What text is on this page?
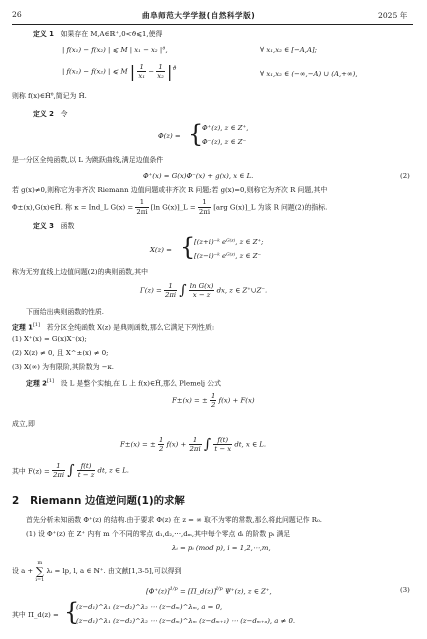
26	曲阜师范大学学报(自然科学版)	2025 年
定义 1 如果存在 M,A∈ℝ⁺,0<ϑ⩽1,使得
| f(x₁) − f(x₂) | ⩽ M | x₁ − x₂ |ᶿ,	∀ x₁,x₂ ∈ [−A,A];
| f(x₁) − f(x₂) | ⩽ M | $\frac{1}{\text{x₁}} - \frac{1}{\text{x₂}} |^ϑ$
∀ x₁,x₂ ∈ (−∞,−A) ∪ (A,+∞),
则称 f(x)∈Ĥᶿ,简记为 Ĥ.
定义 2 令
Φ(z) = {
Φ⁺(z), z ∈ Z⁺,
Φ⁻(z), z ∈ Z⁻
是一分区全纯函数,以 L 为跳跃曲线,满足边值条件
Φ⁺(x) = G(x)Φ⁻(x) + g(x), x ∈ L.	(2)
若 g(x)≠0,则称它为非齐次 Riemann 边值问题或非齐次 R 问题;若 g(x)=0,则称它为齐次 R 问题,其中
Φ±(x),G(x)∈Ĥ. 称 κ = Ind_L $G(x) = \frac{1}{2\pi i} [\ln$ G(x)]_L = $\frac{1}{2\pi i} [arg$ G(x)]_L 为该 R 问题(2)的指标.
定义 3 函数
X(z) = {
[(z+i)⁻ᵏ eᴳ⁽ᶻ⁾, z ∈ Z⁺;
[(z−i)⁻ᵏ eᴳ⁽ᶻ⁾, z ∈ Z⁻
称为无穷直线上边值问题(2)的典则函数,其中
$\Gamma(z) = \frac{1}{2\pi i}$ ∫ $\frac{\text{ln G(x)}}{x - z}$ dx, z ∈ Z⁺∪Z⁻.
下面给出典则函数的性质.
定理 1[1] 若分区全纯函数 X(z) 是典则函数,那么它满足下列性质:
(1) X⁺(x) = G(x)X⁻(x);
(2) X(z) ≠ 0, 且 X^±(x) ≠ 0;
(3) X(∞) 为有限阶,其阶数为 −κ.
定理 2[1] 设 L 是整个实轴,在 L 上 f(x)∈Ĥ,那么 Plemelj 公式
F±(x) = ± $\frac{1}{2} f(x) + F(x)$
成立,即
F±(x) = ± $\frac{1}{2} f(x) + \frac{1}{2\pi i}$ ∫ $\frac{f(t)}{t - x}$ dt, x ∈ L.
其中 $F(z) = \frac{1}{2\pi i}$ ∫ $\frac{f(t)}{t - z}$ dt, z ∈ L.
2 Riemann 边值逆问题(1)的求解
首先分析未知函数 Φ⁺(z) 的结构.由于要求 Φ(z) 在 z = ∞ 取不为零的常数,那么将此问题记作 R₀.
(1) 设 Φ⁺(z) 在 Z⁺ 内有 m 个不同的零点 d₁,d₂,⋯,dₘ,其中每个零点 dᵢ 的阶数 pᵢ 满足
λᵢ = pᵢ (mod p), i = 1,2,⋯,m,
设 a +
m
∑
i=1
λᵢ = lp, l, a ∈ ℕ⁺. 由文献[1,3-5],可以得到
$[\Phi^+(z)]^{1/p}$ = [Π_d(z)]$^{l/p}$ Ψ⁺(z), z ∈ Z⁺,	(3)
其中 Π_d(z) = {
(z−d₁)^λ₁ (z−d₂)^λ₂ ⋯ (z−dₘ)^λₘ, a = 0,
(z−d₁)^λ₁ (z−d₂)^λ₂ ⋯ (z−dₘ)^λₘ (z−dₘ₊₁) ⋯ (z−dₘ₊ₐ), a ≠ 0.
